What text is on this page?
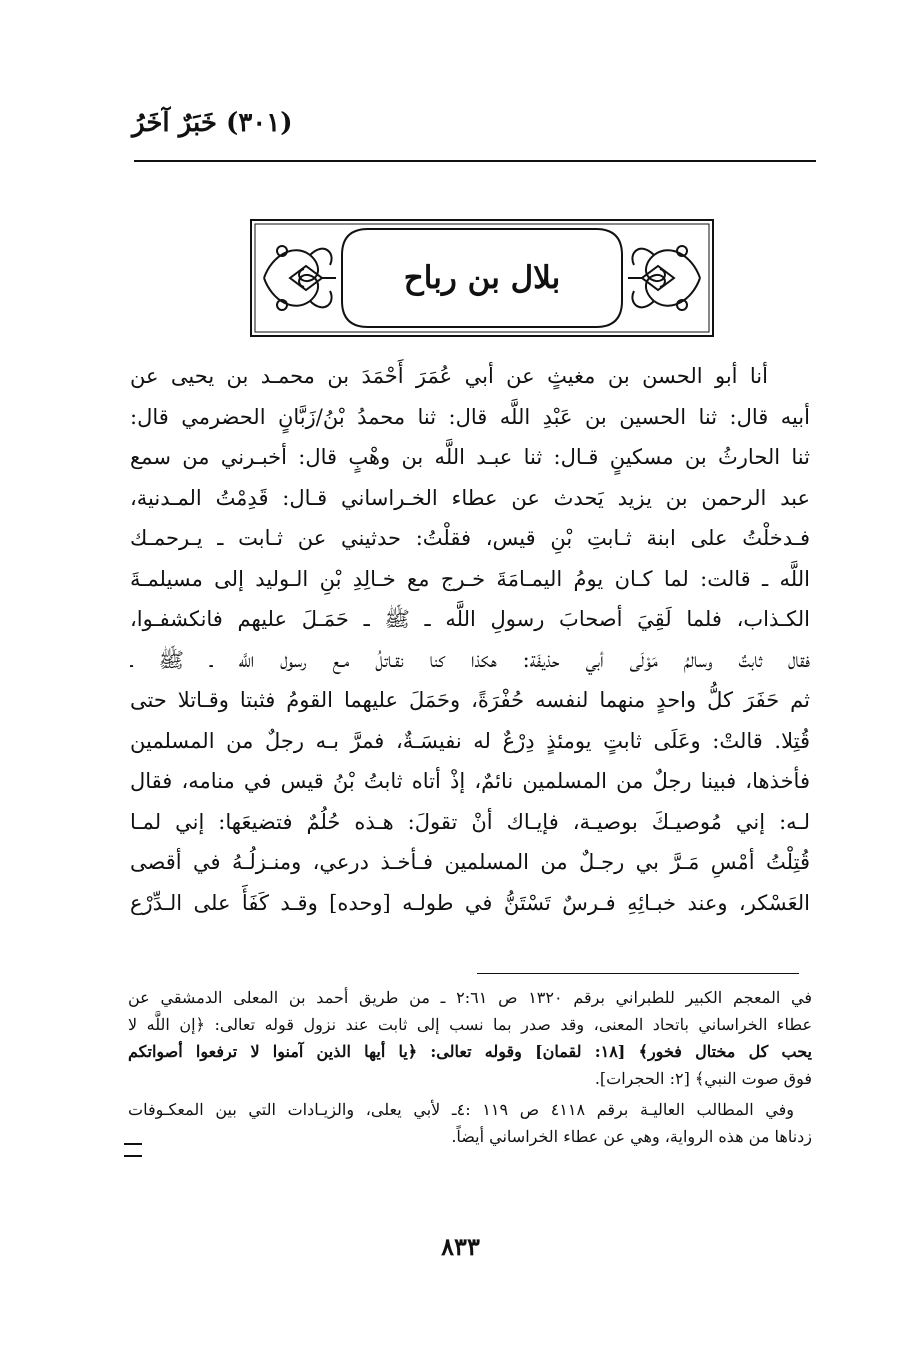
(٣٠١) خَبَرٌ آخَرُ
بلال بن رباح
أنا أبو الحسن بن مغيثٍ عن أبي عُمَرَ أَحْمَدَ بن محمـد بن يحيى عن
أبيه قال: ثنا الحسين بن عَبْدِ اللَّه قال: ثنا محمدُ بْنُ/زَبَّانٍ الحضرمي قال:
ثنا الحارثُ بن مسكينٍ قـال: ثنا عبـد اللَّه بن وهْبٍ قال: أخبـرني من سمع
عبد الرحمن بن يزيد يَحدث عن عطاء الخـراساني قـال: قَدِمْتُ المـدنية،
فـدخلْتُ على ابنة ثـابتِ بْنِ قيس، فقلْتُ: حدثيني عن ثـابت ـ يـرحمـك
اللَّه ـ قالت: لما كـان يومُ اليمـامَةَ خـرج مع خـالِدِ بْنِ الـوليد إلى مسيلمـةَ
الكـذاب، فلما لَقِيَ أصحابَ رسولِ اللَّه ـ ﷺ ـ حَمَـلَ عليهم فانكشفـوا،
فقال ثابتٌ وسالمُ مَوْلَى أبي حذيفَة: هكذا كنا نقـاتلُ مـع رسول اللَّه ـ ﷺ ـ
ثم حَفَرَ كلُّ واحدٍ منهما لنفسه حُفْرَةً، وحَمَلَ عليهما القومُ فثبتا وقـاتلا حتى
قُتِلا. قالتْ: وعَلَى ثابتٍ يومئذٍ دِرْعٌ له نفيسَـةٌ، فمرَّ بـه رجلٌ من المسلمين
فأخذها، فبينا رجلٌ من المسلمين نائمٌ، إذْ أتاه ثابتُ بْنُ قيس في منامه، فقال
لـه: إني مُوصيـكَ بوصيـة، فإيـاك أنْ تقولَ: هـذه حُلُمٌ فتضيعَها: إني لمـا
قُتِلْتُ أمْسِ مَـرَّ بي رجـلٌ من المسلمين فـأخـذ درعي، ومنـزلُـهُ في أقصى
العَسْكر، وعند خبـائِهِ فـرسٌ تَسْتَنُّ في طولـه [وحده] وقـد كَفَأَ على الـدِّرْع
في المعجم الكبير للطبراني برقم ١٣٢٠ ص ٢:٦١ ـ من طريق أحمد بن المعلى الدمشقي عن
عطاء الخراساني باتحاد المعنى، وقد صدر بما نسب إلى ثابت عند نزول قوله تعالى: ﴿إن اللَّه لا
يحب كل مختال فخور﴾ [١٨: لقمان] وقوله تعالى: ﴿يا أيها الذين آمنوا لا ترفعوا أصواتكم
فوق صوت النبي﴾ [٢: الحجرات].
وفي المطالب العاليـة برقم ٤١١٨ ص ١١٩ :٤ـ لأبي يعلى، والزيـادات التي بين المعكـوفات
زدناها من هذه الرواية، وهي عن عطاء الخراساني أيضاً.
٨٣٣
